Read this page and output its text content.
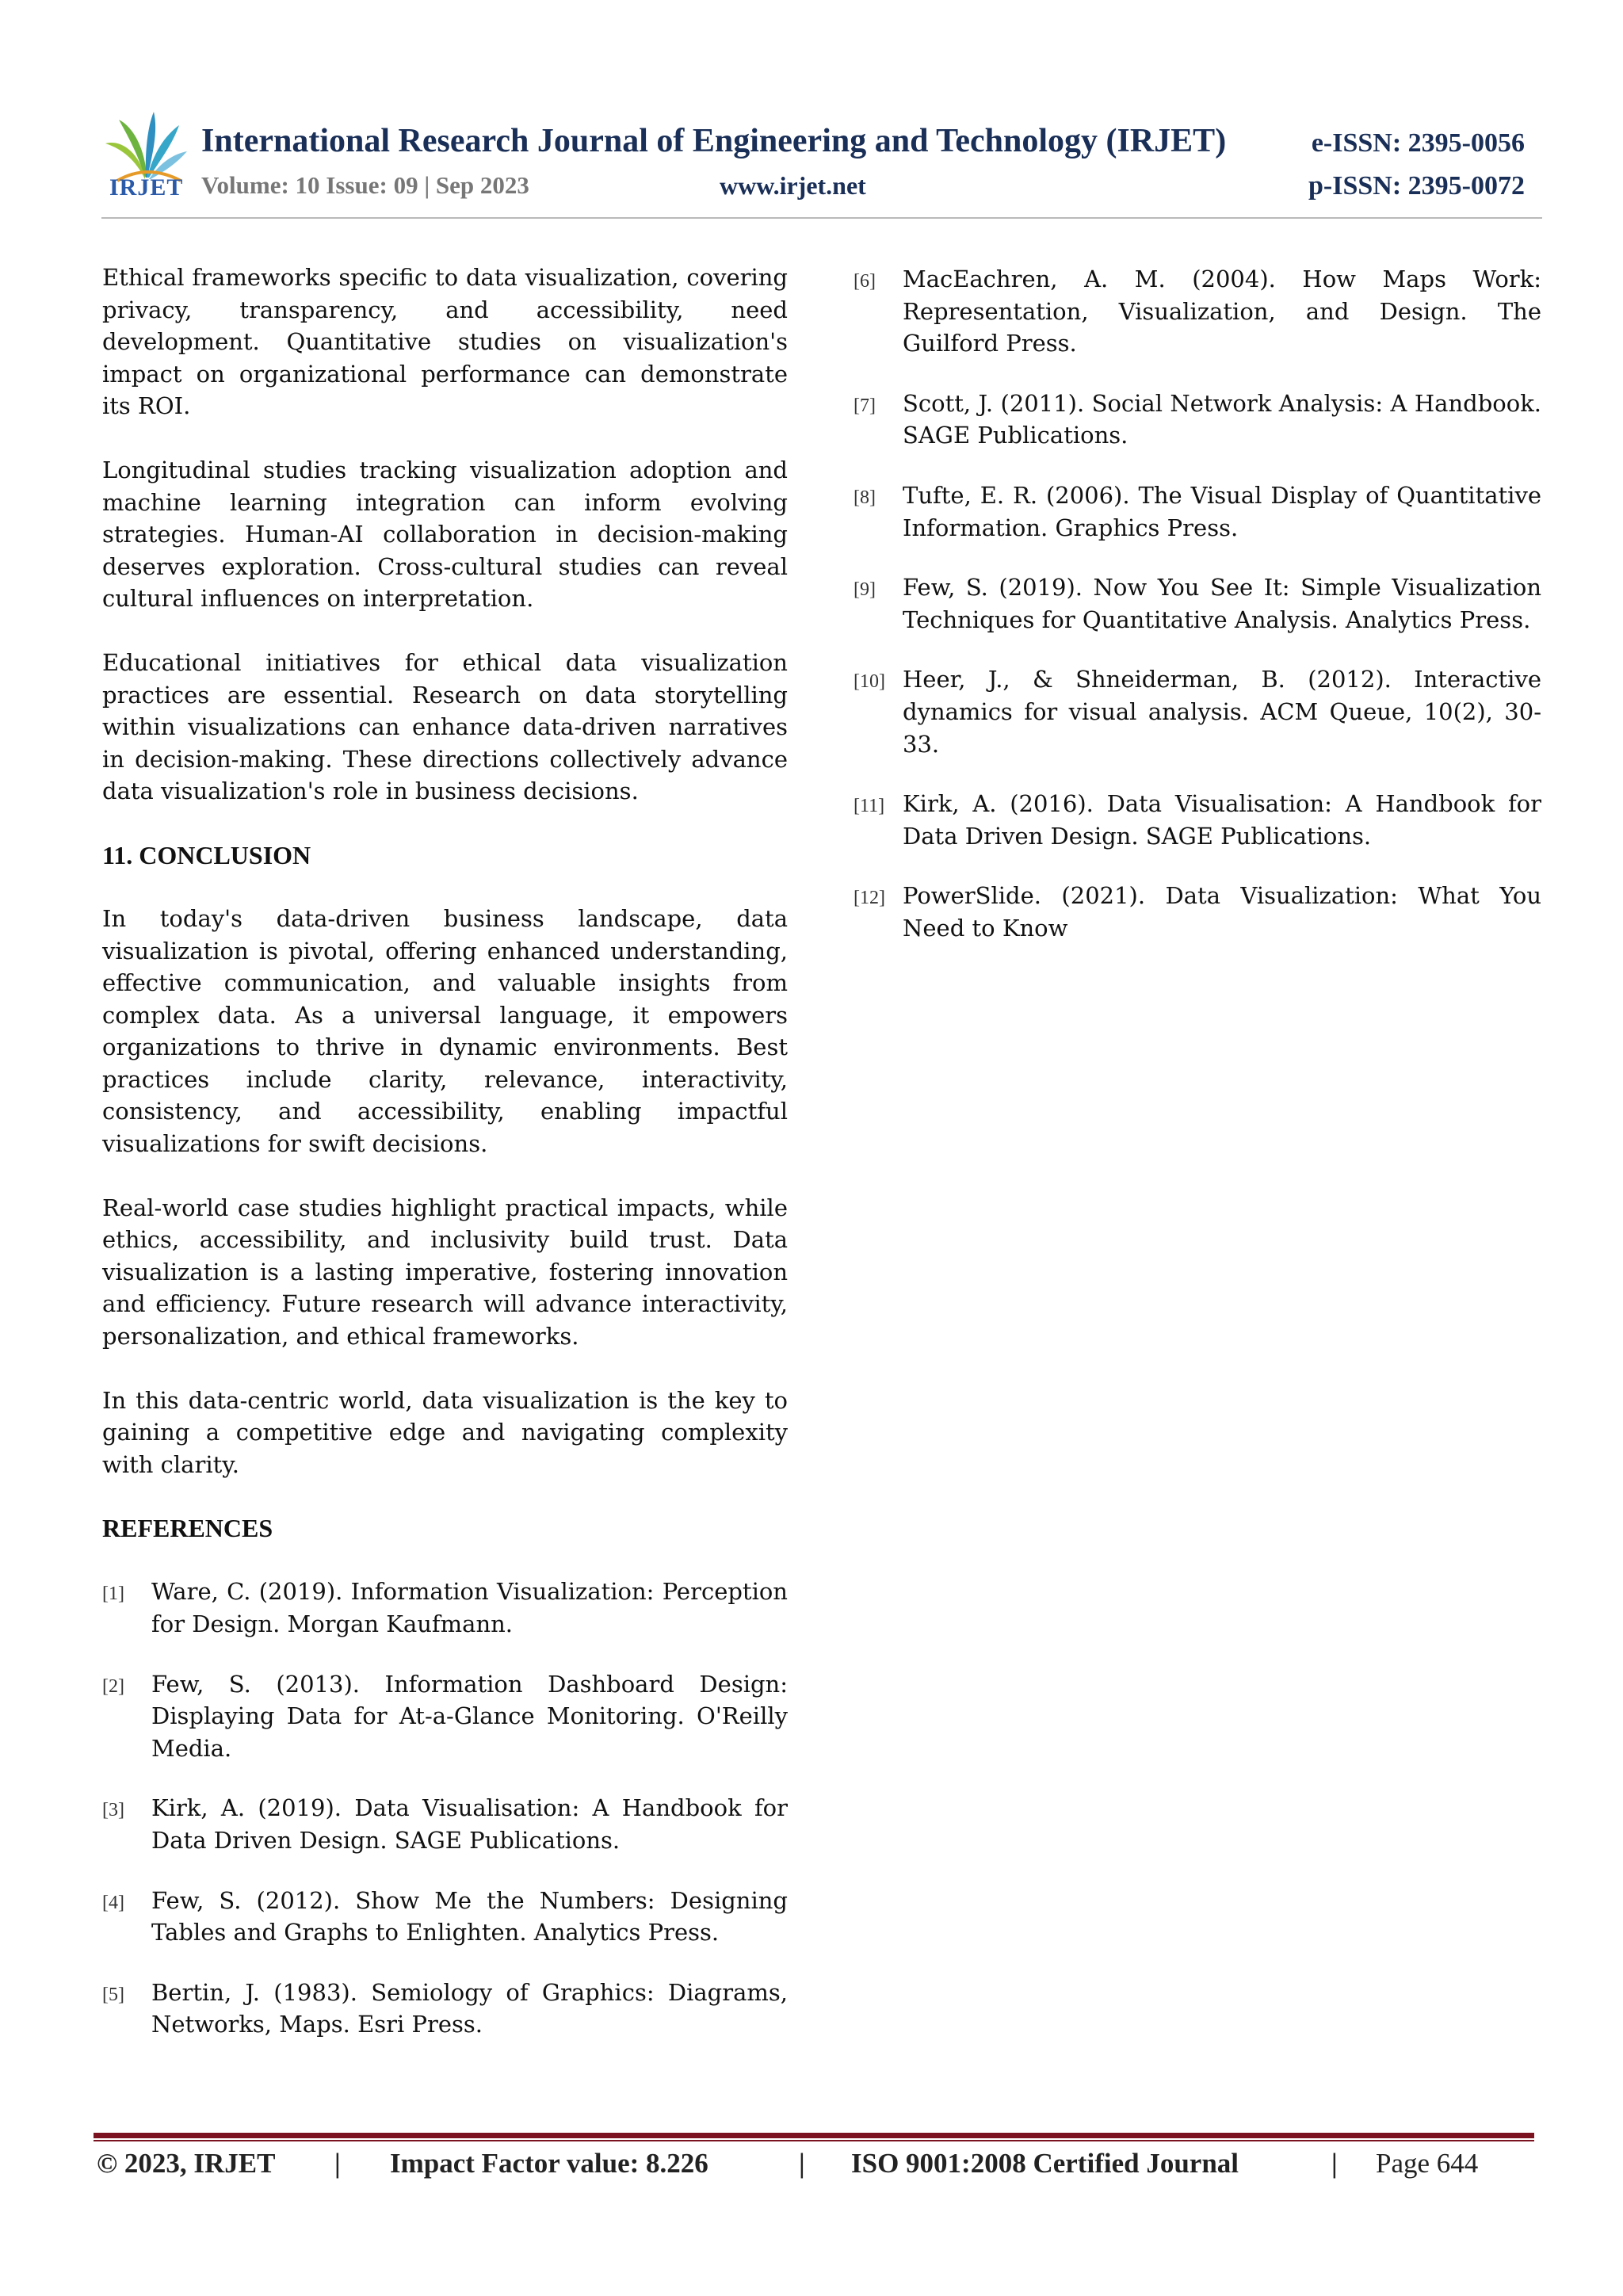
IRJET
International Research Journal of Engineering and Technology (IRJET)	e-ISSN: 2395-0056
Volume: 10 Issue: 09 | Sep 2023	www.irjet.net	p-ISSN: 2395-0072

Ethical frameworks specific to data visualization, covering privacy, transparency, and accessibility, need development. Quantitative studies on visualization's impact on organizational performance can demonstrate its ROI.

Longitudinal studies tracking visualization adoption and machine learning integration can inform evolving strategies. Human-AI collaboration in decision-making deserves exploration. Cross-cultural studies can reveal cultural influences on interpretation.

Educational initiatives for ethical data visualization practices are essential. Research on data storytelling within visualizations can enhance data-driven narratives in decision-making. These directions collectively advance data visualization's role in business decisions.

11. CONCLUSION

In today's data-driven business landscape, data visualization is pivotal, offering enhanced understanding, effective communication, and valuable insights from complex data. As a universal language, it empowers organizations to thrive in dynamic environments. Best practices include clarity, relevance, interactivity, consistency, and accessibility, enabling impactful visualizations for swift decisions.

Real-world case studies highlight practical impacts, while ethics, accessibility, and inclusivity build trust. Data visualization is a lasting imperative, fostering innovation and efficiency. Future research will advance interactivity, personalization, and ethical frameworks.

In this data-centric world, data visualization is the key to gaining a competitive edge and navigating complexity with clarity.

REFERENCES
[1] Ware, C. (2019). Information Visualization: Perception for Design. Morgan Kaufmann.
[2] Few, S. (2013). Information Dashboard Design: Displaying Data for At-a-Glance Monitoring. O'Reilly Media.
[3] Kirk, A. (2019). Data Visualisation: A Handbook for Data Driven Design. SAGE Publications.
[4] Few, S. (2012). Show Me the Numbers: Designing Tables and Graphs to Enlighten. Analytics Press.
[5] Bertin, J. (1983). Semiology of Graphics: Diagrams, Networks, Maps. Esri Press.
[6] MacEachren, A. M. (2004). How Maps Work: Representation, Visualization, and Design. The Guilford Press.
[7] Scott, J. (2011). Social Network Analysis: A Handbook. SAGE Publications.
[8] Tufte, E. R. (2006). The Visual Display of Quantitative Information. Graphics Press.
[9] Few, S. (2019). Now You See It: Simple Visualization Techniques for Quantitative Analysis. Analytics Press.
[10] Heer, J., & Shneiderman, B. (2012). Interactive dynamics for visual analysis. ACM Queue, 10(2), 30-33.
[11] Kirk, A. (2016). Data Visualisation: A Handbook for Data Driven Design. SAGE Publications.
[12] PowerSlide. (2021). Data Visualization: What You Need to Know
© 2023, IRJET | Impact Factor value: 8.226	| ISO 9001:2008 Certified Journal	| Page 644
